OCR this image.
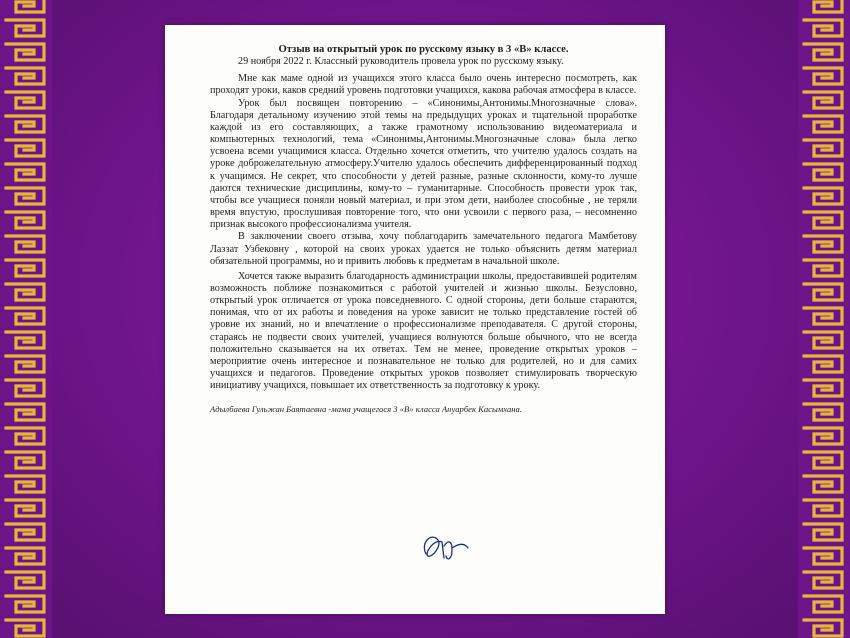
Отзыв на открытый урок по русскому языку в 3 «В» классе.

29 ноября 2022 г. Классный руководитель провела урок по русскому языку.

Мне как маме одной из учащихся этого класса было очень интересно посмотреть, как проходят уроки, каков средний уровень подготовки учащихся, какова рабочая атмосфера в классе.

Урок был посвящен повторению – «Синонимы,Антонимы.Многозначные слова». Благодаря детальному изучению этой темы на предыдущих уроках и тщательной проработке каждой из его составляющих, а также грамотному использованию видеоматериала и компьютерных технологий, тема «Синонимы,Антонимы.Многозначные слова» была легко усвоена всеми учащимися класса. Отдельно хочется отметить, что учителю удалось создать на уроке доброжелательную атмосферу.Учителю удалось обеспечить дифференцированный подход к учащимся. Не секрет, что способности у детей разные, разные склонности, кому-то лучше даются технические дисциплины, кому-то – гуманитарные. Способность провести урок так, чтобы все учащиеся поняли новый материал, и при этом дети, наиболее способные , не теряли время впустую, прослушивая повторение того, что они усвоили с первого раза, – несомненно признак высокого профессионализма учителя.

В заключении своего отзыва, хочу поблагодарить замечательного педагога Мамбетову Лаззат Узбековну , которой на своих уроках удается не только объяснить детям материал обязательной программы, но и привить любовь к предметам в начальной школе.

Хочется также выразить благодарность администрации школы, предоставившей родителям возможность поближе познакомиться с работой учителей и жизнью школы. Безусловно, открытый урок отличается от урока повседневного. С одной стороны, дети больше стараются, понимая, что от их работы и поведения на уроке зависит не только представление гостей об уровне их знаний, но и впечатление о профессионализме преподавателя. С другой стороны, стараясь не подвести своих учителей, учащиеся волнуются больше обычного, что не всегда положительно сказывается на их ответах. Тем не менее, проведение открытых уроков – мероприятие очень интересное и познавательное не только для родителей, но и для самих учащихся и педагогов. Проведение открытых уроков позволяет стимулировать творческую инициативу учащихся, повышает их ответственность за подготовку к уроку.

Адылбаева Гульжан Баятаевна -мама учащегося 3 «В» класса Ануарбек Касымхана.
